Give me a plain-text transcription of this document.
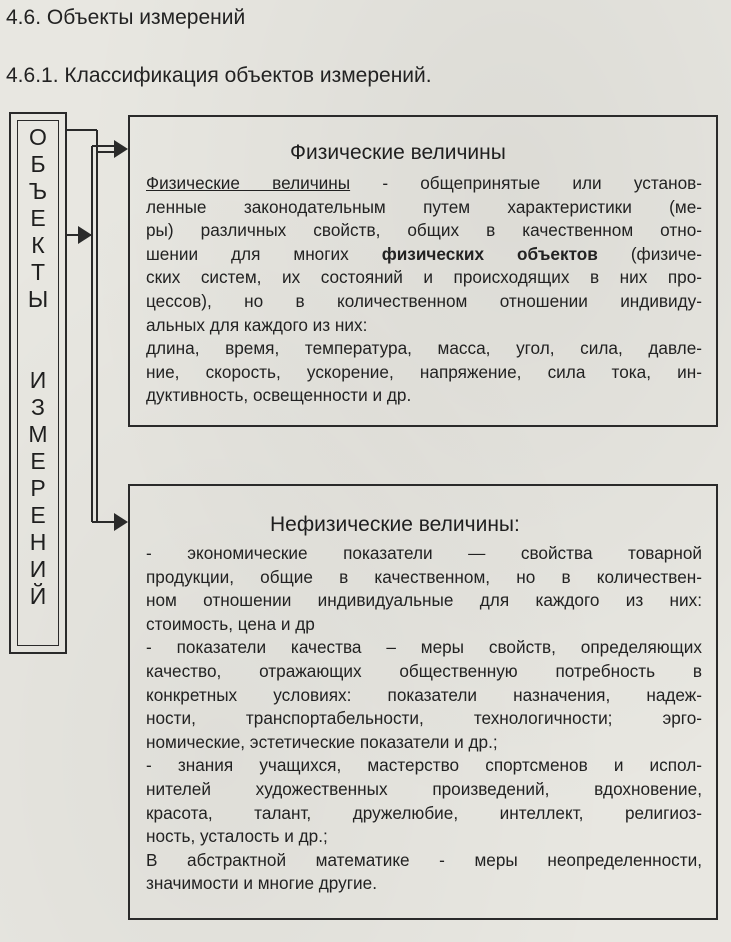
4.6. Объекты измерений
4.6.1. Классификация объектов измерений.
О
Б
Ъ
Е
К
Т
Ы
И
З
М
Е
Р
Е
Н
И
Й
Физические величины
Физические величины - общепринятые или установ-
ленные законодательным путем характеристики (ме-
ры) различных свойств, общих в качественном отно-
шении для многих физических объектов (физиче-
ских систем, их состояний и происходящих в них про-
цессов), но в количественном отношении индивиду-
альных для каждого из них:
длина, время, температура, масса, угол, сила, давле-
ние, скорость, ускорение, напряжение, сила тока, ин-
дуктивность, освещенности и др.
Нефизические величины:
- экономические показатели — свойства товарной
продукции, общие в качественном, но в количествен-
ном отношении индивидуальные для каждого из них:
стоимость, цена и др
- показатели качества – меры свойств, определяющих
качество, отражающих общественную потребность в
конкретных условиях: показатели назначения, надеж-
ности, транспортабельности, технологичности; эрго-
номические, эстетические показатели и др.;
- знания учащихся, мастерство спортсменов и испол-
нителей художественных произведений, вдохновение,
красота, талант, дружелюбие, интеллект, религиоз-
ность, усталость и др.;
В абстрактной математике - меры неопределенности,
значимости и многие другие.
